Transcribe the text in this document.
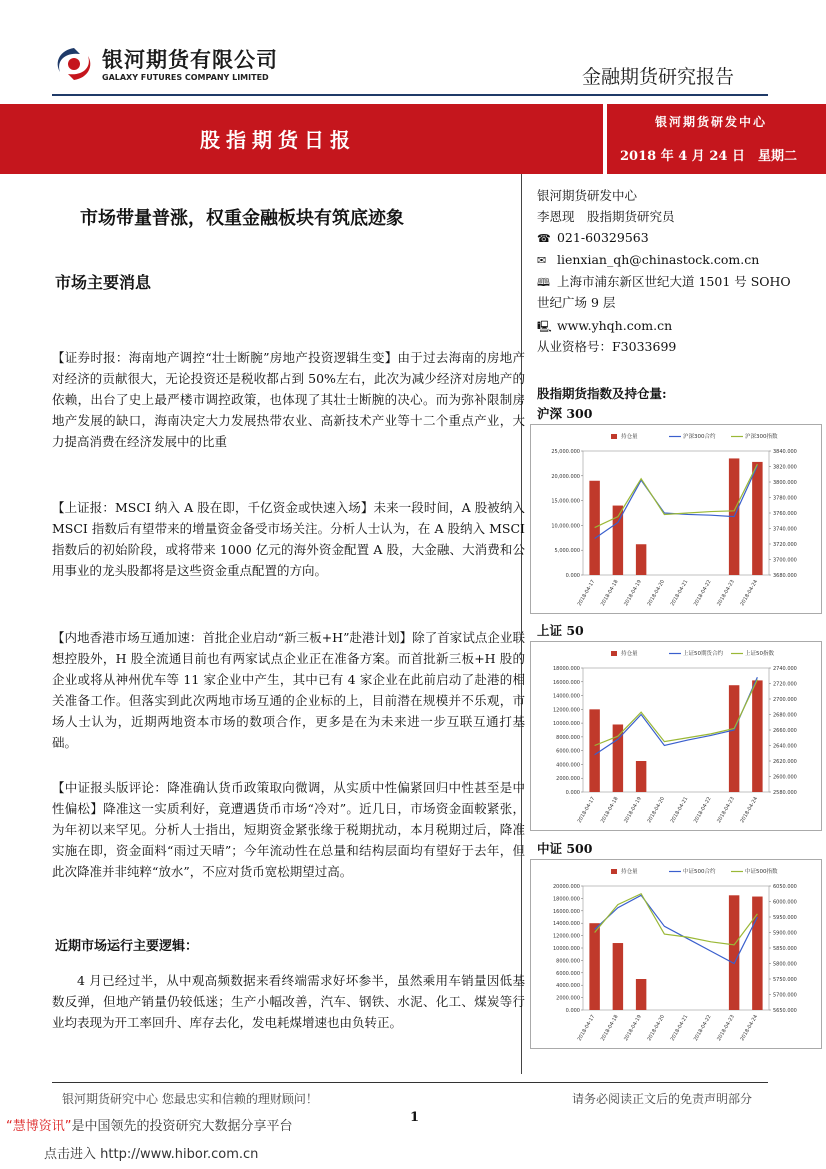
银河期货有限公司
GALAXY FUTURES COMPANY LIMITED	金融期货研究报告
股指期货日报
银河期货研发中心
2018 年 4 月 24 日　星期二
市场带量普涨，权重金融板块有筑底迹象
市场主要消息

【证券时报：海南地产调控“壮士断腕”房地产投资逻辑生变】由于过去海南的房地产对经济的贡献很大，无论投资还是税收都占到 50%左右，此次为减少经济对房地产的依赖，出台了史上最严楼市调控政策，也体现了其壮士断腕的决心。而为弥补限制房地产发展的缺口，海南决定大力发展热带农业、高新技术产业等十二个重点产业，大力提高消费在经济发展中的比重

【上证报：MSCI 纳入 A 股在即，千亿资金或快速入场】未来一段时间，A 股被纳入 MSCI 指数后有望带来的增量资金备受市场关注。分析人士认为，在 A 股纳入 MSCI 指数后的初始阶段，或将带来 1000 亿元的海外资金配置 A 股，大金融、大消费和公用事业的龙头股都将是这些资金重点配置的方向。

【内地香港市场互通加速：首批企业启动“新三板+H”赴港计划】除了首家试点企业联想控股外，H 股全流通目前也有两家试点企业正在准备方案。而首批新三板+H 股的企业或将从神州优车等 11 家企业中产生，其中已有 4 家企业在此前启动了赴港的相关准备工作。但落实到此次两地市场互通的企业标的上，目前潜在规模并不乐观，市场人士认为，近期两地资本市场的数项合作，更多是在为未来进一步互联互通打基础。

【中证报头版评论：降准确认货币政策取向微调，从实质中性偏紧回归中性甚至是中性偏松】降准这一实质利好，竟遭遇货币市场“冷对”。近几日，市场资金面較紧张，为年初以来罕见。分析人士指出，短期资金紧张缘于税期扰动，本月税期过后，降准实施在即，资金面料“雨过天晴”；今年流动性在总量和结构层面均有望好于去年，但此次降准并非纯粹“放水”，不应对货币宽松期望过高。

近期市场运行主要逻辑：

4 月已经过半，从中观高频数据来看终端需求好坏参半，虽然乘用车销量因低基数反弹，但地产销量仍较低迷；生产小幅改善，汽车、钢铁、水泥、化工、煤炭等行业均表现为开工率回升、库存去化，发电耗煤增速也由负转正。

银河期货研发中心
李恩现　股指期货研究员
☎ 021-60329563
✉ lienxian_qh@chinastock.com.cn
🕮 上海市浦东新区世纪大道 1501 号 SOHO
世纪广场 9 层
🖳 www.yhqh.com.cn
从业资格号：F3033699
股指期货指数及持仓量:
沪深 300
0.000
5,000.000
10,000.000
15,000.000
20,000.000
25,000.000
3680.000
3700.000
3720.000
3740.000
3760.000
3780.000
3800.000
3820.000
3840.000
2018-04-17 2018-04-18 2018-04-19 2018-04-20 2018-04-21 2018-04-22 2018-04-23 2018-04-24
持仓量	沪深300合约	沪深300指数
上证 50
0.000
2000.000
4000.000
6000.000
8000.000
10000.000
12000.000
14000.000
16000.000
18000.000
2580.000
2600.000
2620.000
2640.000
2660.000
2680.000
2700.000
2720.000
2740.000
2018-04-17 2018-04-18 2018-04-19 2018-04-20 2018-04-21 2018-04-22 2018-04-23 2018-04-24
持仓量	上证50期货合约	上证50指数
中证 500
0.000
2000.000
4000.000
6000.000
8000.000
10000.000
12000.000
14000.000
16000.000
18000.000
20000.000
5650.000
5700.000
5750.000
5800.000
5850.000
5900.000
5950.000
6000.000
6050.000
2018-04-17 2018-04-18 2018-04-19 2018-04-20 2018-04-21 2018-04-22 2018-04-23 2018-04-24
持仓量	中证500合约	中证500指数
银河期货研究中心 您最忠实和信赖的理财顾问！	请务必阅读正文后的免责声明部分
1
“慧博资讯”是中国领先的投资研究大数据分享平台
点击进入 http://www.hibor.com.cn
